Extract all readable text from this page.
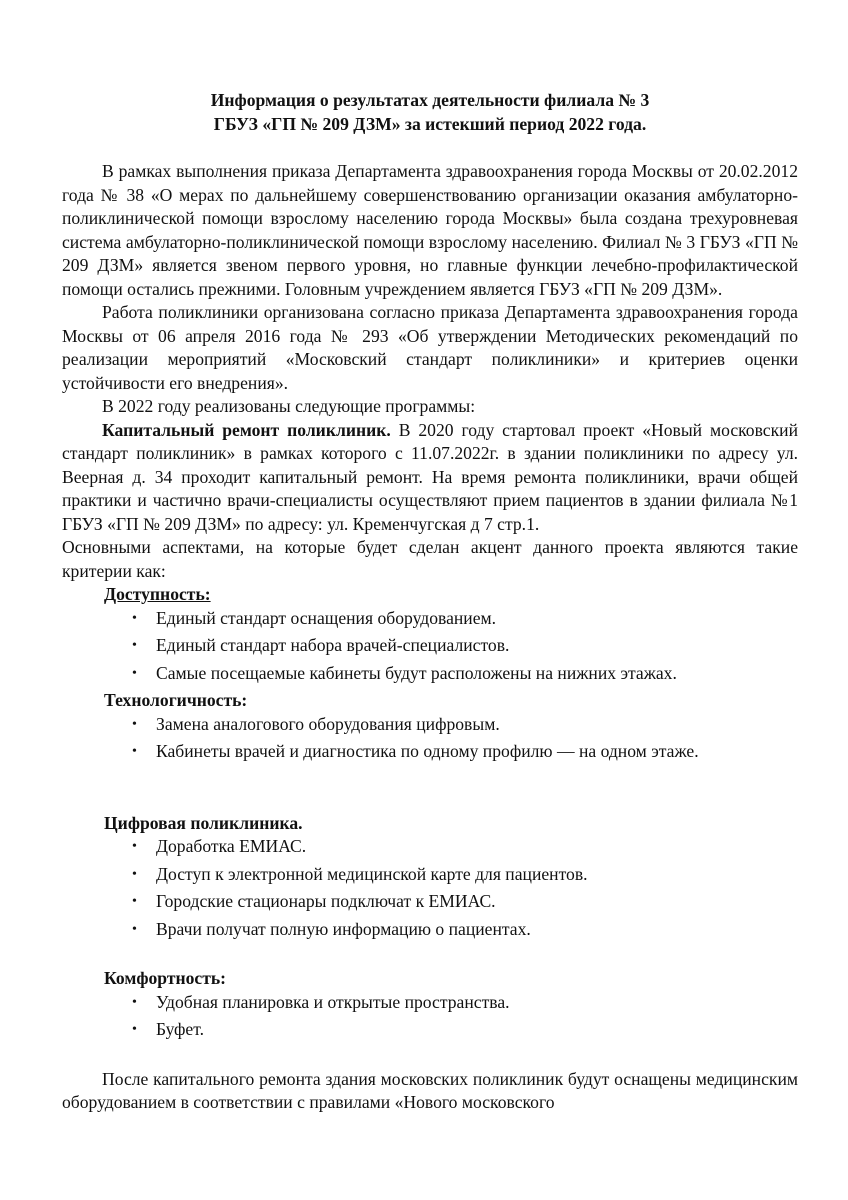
Информация о результатах деятельности филиала № 3

ГБУЗ «ГП № 209 ДЗМ» за истекший период 2022 года.

В рамках выполнения приказа Департамента здравоохранения города Москвы от 20.02.2012 года № 38 «О мерах по дальнейшему совершенствованию организации оказания амбулаторно-поликлинической помощи взрослому населению города Москвы» была создана трехуровневая система амбулаторно-поликлинической помощи взрослому населению. Филиал № 3 ГБУЗ «ГП № 209 ДЗМ» является звеном первого уровня, но главные функции лечебно-профилактической помощи остались прежними. Головным учреждением является ГБУЗ «ГП № 209 ДЗМ».

Работа поликлиники организована согласно приказа Департамента здравоохранения города Москвы от 06 апреля 2016 года № 293 «Об утверждении Методических рекомендаций по реализации мероприятий «Московский стандарт поликлиники» и критериев оценки устойчивости его внедрения».

В 2022 году реализованы следующие программы:

Капитальный ремонт поликлиник. В 2020 году стартовал проект «Новый московский стандарт поликлиник» в рамках которого с 11.07.2022г. в здании поликлиники по адресу ул. Веерная д. 34 проходит капитальный ремонт. На время ремонта поликлиники, врачи общей практики и частично врачи-специалисты осуществляют прием пациентов в здании филиала №1 ГБУЗ «ГП № 209 ДЗМ» по адресу: ул. Кременчугская д 7 стр.1.

Основными аспектами, на которые будет сделан акцент данного проекта являются такие критерии как:

Доступность:

• Единый стандарт оснащения оборудованием.
• Единый стандарт набора врачей-специалистов.
• Самые посещаемые кабинеты будут расположены на нижних этажах.

Технологичность:

• Замена аналогового оборудования цифровым.
• Кабинеты врачей и диагностика по одному профилю — на одном этаже.

Цифровая поликлиника.

• Доработка ЕМИАС.
• Доступ к электронной медицинской карте для пациентов.
• Городские стационары подключат к ЕМИАС.
• Врачи получат полную информацию о пациентах.

Комфортность:

• Удобная планировка и открытые пространства.
• Буфет.

После капитального ремонта здания московских поликлиник будут оснащены медицинским оборудованием в соответствии с правилами «Нового московского
